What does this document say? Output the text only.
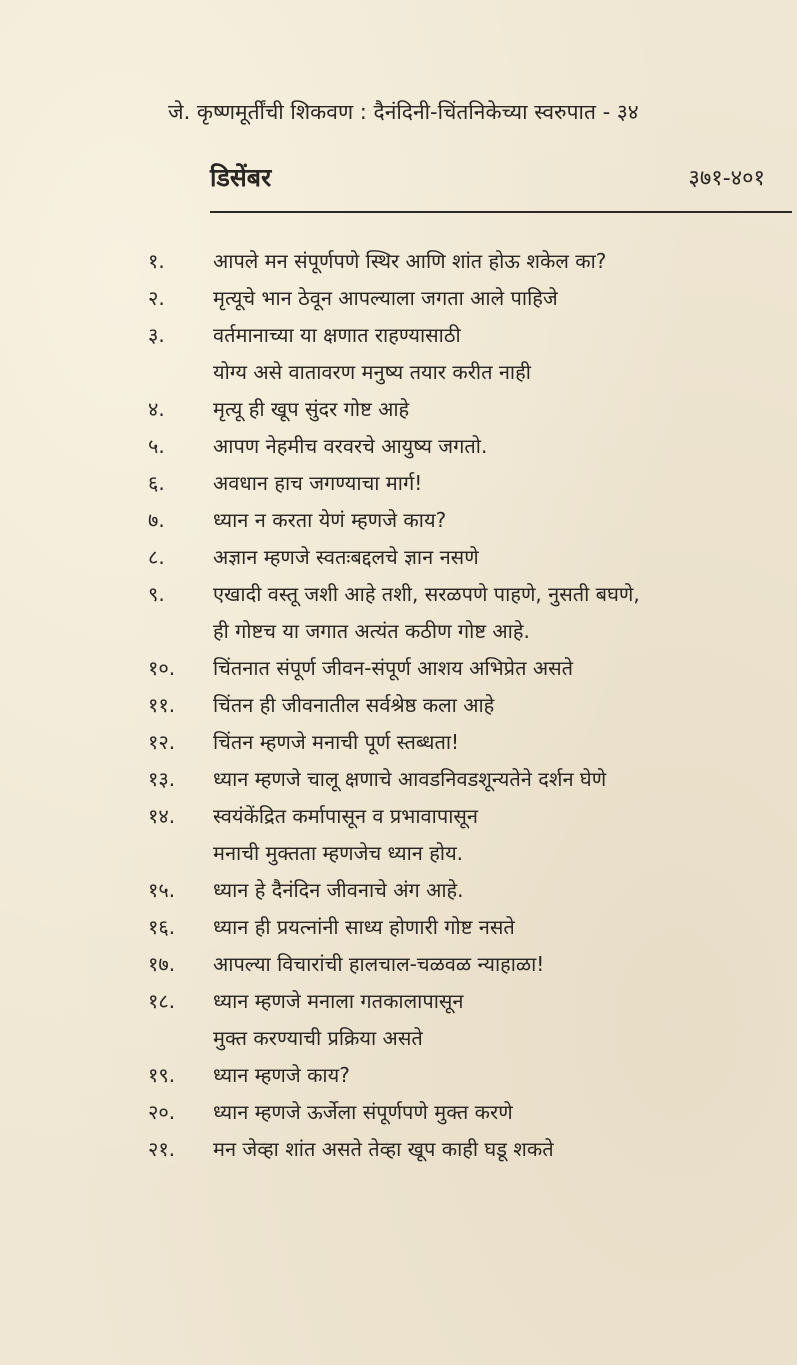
जे. कृष्णमूर्तींची शिकवण : दैनंदिनी-चिंतनिकेच्या स्वरुपात - ३४
डिसेंबर	३७१-४०१
१. आपले मन संपूर्णपणे स्थिर आणि शांत होऊ शकेल का?
२. मृत्यूचे भान ठेवून आपल्याला जगता आले पाहिजे
३. वर्तमानाच्या या क्षणात राहण्यासाठी
योग्य असे वातावरण मनुष्य तयार करीत नाही
४. मृत्यू ही खूप सुंदर गोष्ट आहे
५. आपण नेहमीच वरवरचे आयुष्य जगतो.
६. अवधान हाच जगण्याचा मार्ग!
७. ध्यान न करता येणं म्हणजे काय?
८. अज्ञान म्हणजे स्वतःबद्दलचे ज्ञान नसणे
९. एखादी वस्तू जशी आहे तशी, सरळपणे पाहणे, नुसती बघणे,
ही गोष्टच या जगात अत्यंत कठीण गोष्ट आहे.
१०. चिंतनात संपूर्ण जीवन-संपूर्ण आशय अभिप्रेत असते
११. चिंतन ही जीवनातील सर्वश्रेष्ठ कला आहे
१२. चिंतन म्हणजे मनाची पूर्ण स्तब्धता!
१३. ध्यान म्हणजे चालू क्षणाचे आवडनिवडशून्यतेने दर्शन घेणे
१४. स्वयंकेंद्रित कर्मापासून व प्रभावापासून
मनाची मुक्तता म्हणजेच ध्यान होय.
१५. ध्यान हे दैनंदिन जीवनाचे अंग आहे.
१६. ध्यान ही प्रयत्नांनी साध्य होणारी गोष्ट नसते
१७. आपल्या विचारांची हालचाल-चळवळ न्याहाळा!
१८. ध्यान म्हणजे मनाला गतकालापासून
मुक्त करण्याची प्रक्रिया असते
१९. ध्यान म्हणजे काय?
२०. ध्यान म्हणजे ऊर्जेला संपूर्णपणे मुक्त करणे
२१. मन जेव्हा शांत असते तेव्हा खूप काही घडू शकते
